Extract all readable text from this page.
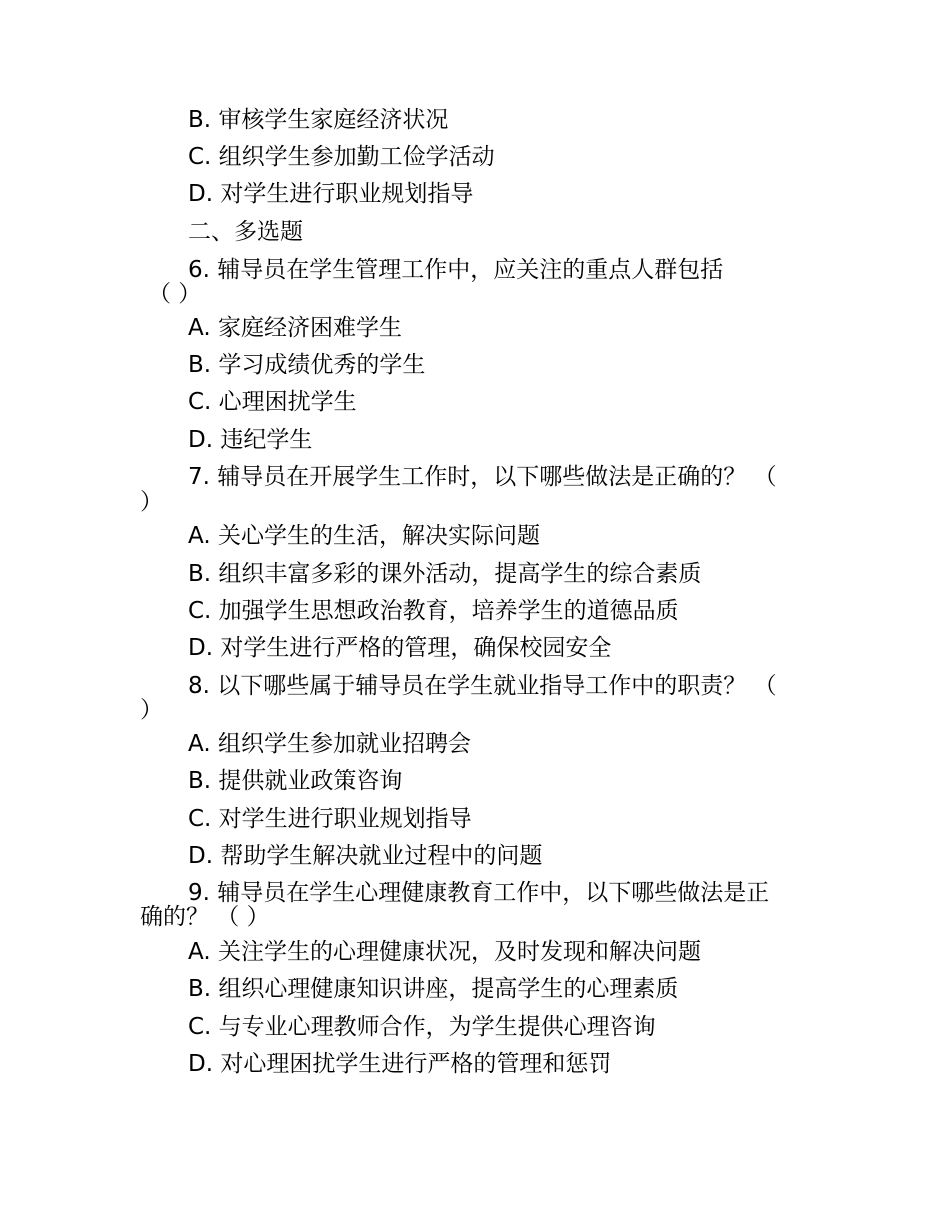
B. 审核学生家庭经济状况
C. 组织学生参加勤工俭学活动
D. 对学生进行职业规划指导
二、多选题
6. 辅导员在学生管理工作中，应关注的重点人群包括
（ ）
A. 家庭经济困难学生
B. 学习成绩优秀的学生
C. 心理困扰学生
D. 违纪学生
7. 辅导员在开展学生工作时，以下哪些做法是正确的？ （
）
A. 关心学生的生活，解决实际问题
B. 组织丰富多彩的课外活动，提高学生的综合素质
C. 加强学生思想政治教育，培养学生的道德品质
D. 对学生进行严格的管理，确保校园安全
8. 以下哪些属于辅导员在学生就业指导工作中的职责？ （
）
A. 组织学生参加就业招聘会
B. 提供就业政策咨询
C. 对学生进行职业规划指导
D. 帮助学生解决就业过程中的问题
9. 辅导员在学生心理健康教育工作中，以下哪些做法是正
确的？ （ ）
A. 关注学生的心理健康状况，及时发现和解决问题
B. 组织心理健康知识讲座，提高学生的心理素质
C. 与专业心理教师合作，为学生提供心理咨询
D. 对心理困扰学生进行严格的管理和惩罚
